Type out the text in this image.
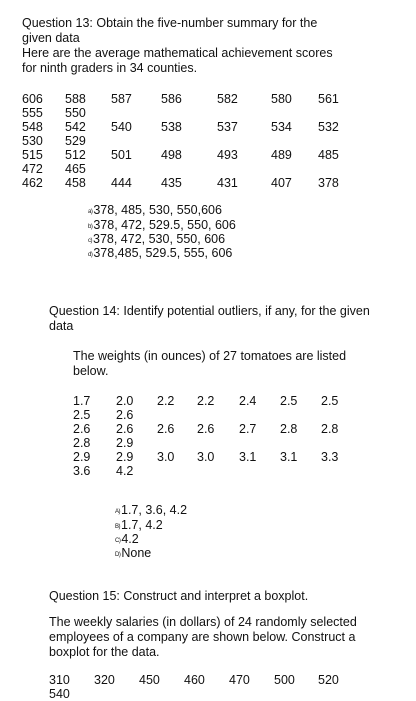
Question 13: Obtain the five-number summary for the
given data
Here are the average mathematical achievement scores
for ninth graders in 34 counties.
606 588 587 586	582	580 561
555 550
548 542 540 538	537	534 532
530 529
515 512 501 498	493	489 485
472 465
462 458 444 435	431	407 378
a)378, 485, 530, 550,606
b)378, 472, 529.5, 550, 606
c)378, 472, 530, 550, 606
d)378,485, 529.5, 555, 606
Question 14: Identify potential outliers, if any, for the given
data
The weights (in ounces) of 27 tomatoes are listed
below.
1.7 2.0 2.2 2.2 2.4 2.5 2.5
2.5 2.6
2.6 2.6 2.6 2.6 2.7 2.8 2.8
2.8 2.9
2.9 2.9 3.0 3.0 3.1 3.1 3.3
3.6 4.2
A)1.7, 3.6, 4.2
B)1.7, 4.2
C)4.2
D)None
Question 15: Construct and interpret a boxplot.
The weekly salaries (in dollars) of 24 randomly selected
employees of a company are shown below. Construct a
boxplot for the data.
310 320 450 460 470 500 520
540
